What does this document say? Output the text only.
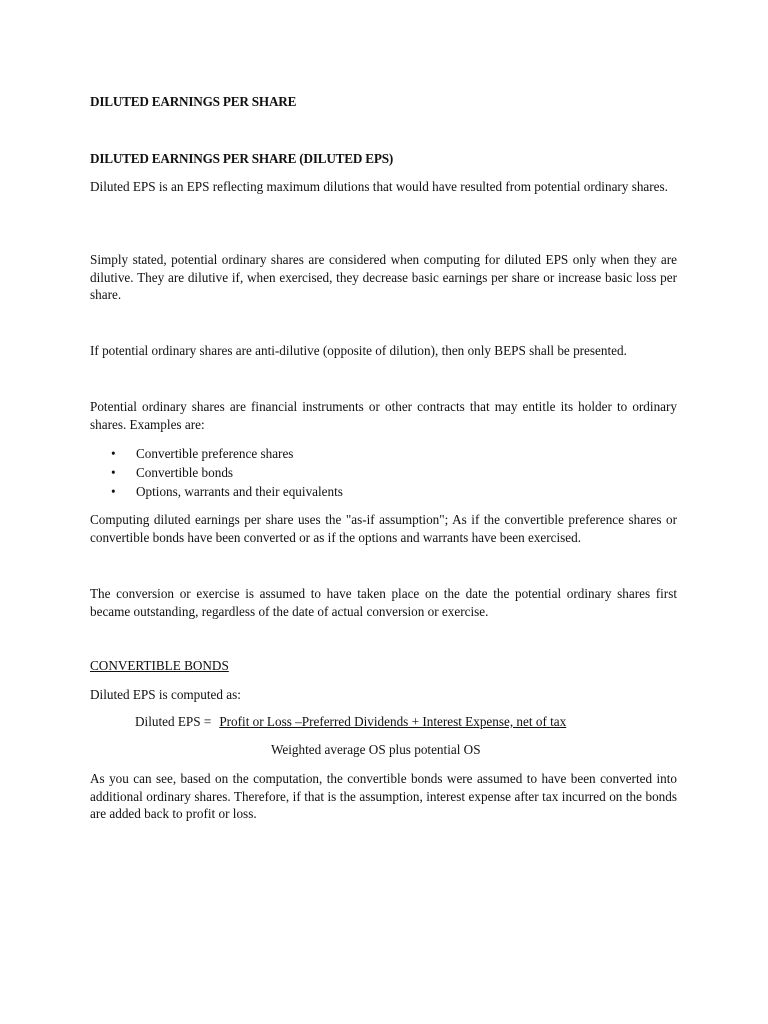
DILUTED EARNINGS PER SHARE
DILUTED EARNINGS PER SHARE (DILUTED EPS)
Diluted EPS is an EPS reflecting maximum dilutions that would have resulted from potential ordinary shares.
Simply stated, potential ordinary shares are considered when computing for diluted EPS only when they are dilutive. They are dilutive if, when exercised, they decrease basic earnings per share or increase basic loss per share.
If potential ordinary shares are anti-dilutive (opposite of dilution), then only BEPS shall be presented.
Potential ordinary shares are financial instruments or other contracts that may entitle its holder to ordinary shares. Examples are:
• Convertible preference shares
• Convertible bonds
• Options, warrants and their equivalents
Computing diluted earnings per share uses the "as-if assumption"; As if the convertible preference shares or convertible bonds have been converted or as if the options and warrants have been exercised.
The conversion or exercise is assumed to have taken place on the date the potential ordinary shares first became outstanding, regardless of the date of actual conversion or exercise.
CONVERTIBLE BONDS
Diluted EPS is computed as:
Diluted EPS = Profit or Loss –Preferred Dividends + Interest Expense, net of tax
Weighted average OS plus potential OS
As you can see, based on the computation, the convertible bonds were assumed to have been converted into additional ordinary shares. Therefore, if that is the assumption, interest expense after tax incurred on the bonds are added back to profit or loss.
